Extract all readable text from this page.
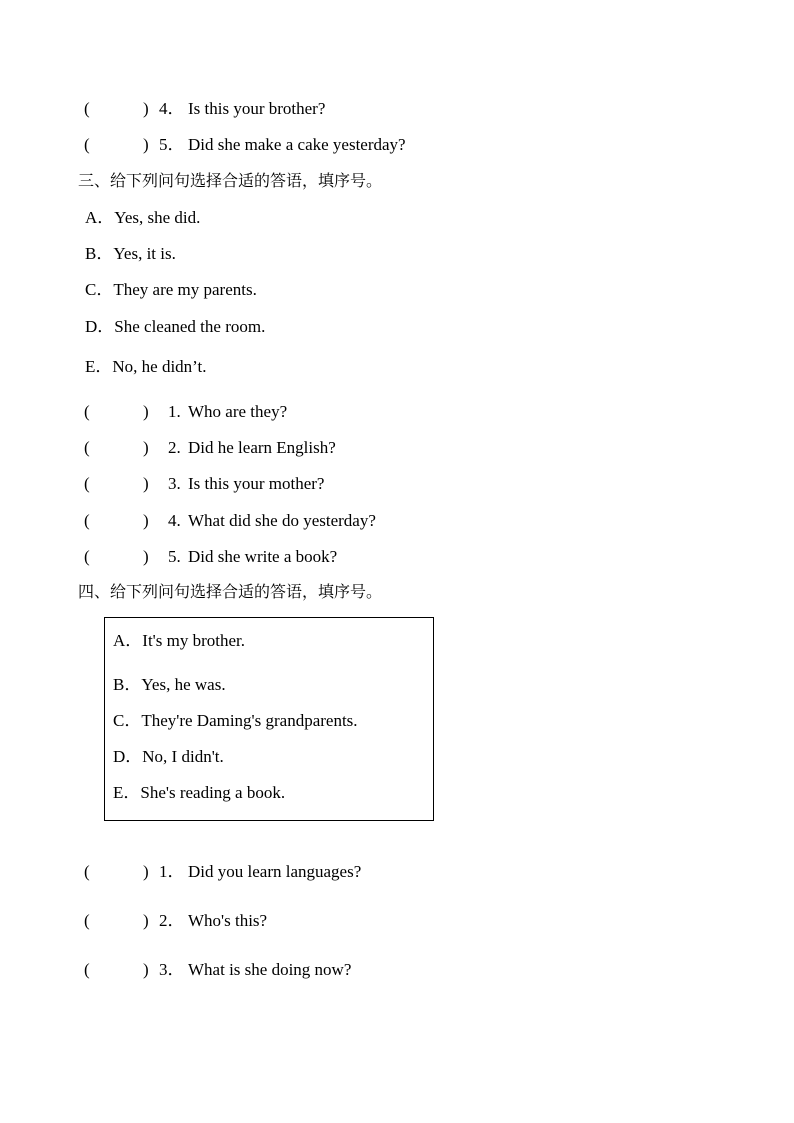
(	) 4． Is this your brother?
(	) 5． Did she make a cake yesterday?
三、给下列问句选择合适的答语，填序号。
A．Yes, she did.
B．Yes, it is.
C．They are my parents.
D．She cleaned the room.
E．No, he didn’t.
(	) 1. Who are they?
(	) 2. Did he learn English?
(	) 3. Is this your mother?
(	) 4. What did she do yesterday?
(	) 5. Did she write a book?
四、给下列问句选择合适的答语，填序号。
A．It's my brother.
B．Yes, he was.
C．They're Daming's grandparents.
D．No, I didn't.
E．She's reading a book.
(	) 1． Did you learn languages?
(	) 2． Who's this?
(	) 3． What is she doing now?
